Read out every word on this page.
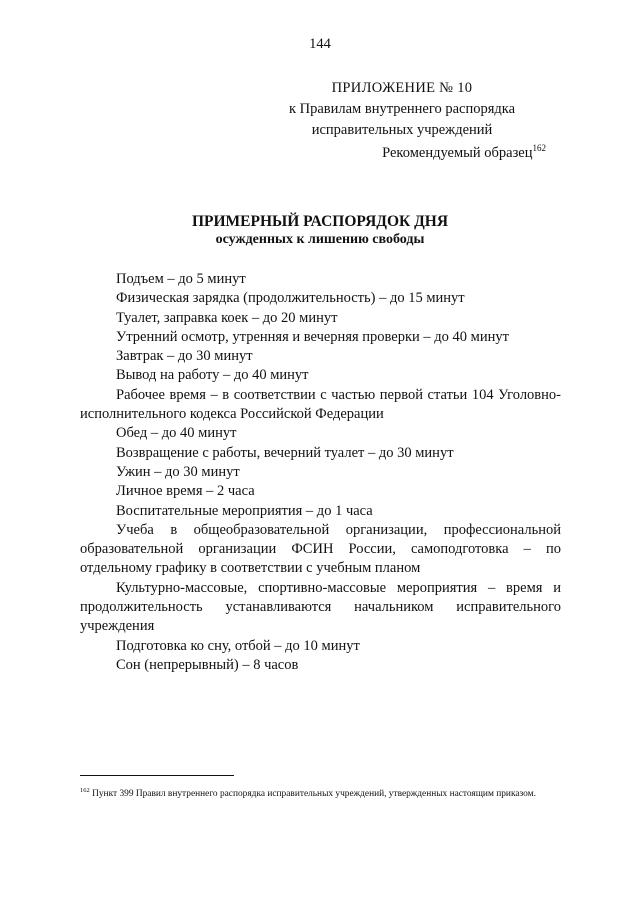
144
ПРИЛОЖЕНИЕ № 10
к Правилам внутреннего распорядка
исправительных учреждений
Рекомендуемый образец$^{162}$
ПРИМЕРНЫЙ РАСПОРЯДОК ДНЯ
осужденных к лишению свободы

Подъем – до 5 минут

Физическая зарядка (продолжительность) – до 15 минут

Туалет, заправка коек – до 20 минут

Утренний осмотр, утренняя и вечерняя проверки – до 40 минут

Завтрак – до 30 минут

Вывод на работу – до 40 минут

Рабочее время – в соответствии с частью первой статьи 104 Уголовно-исполнительного кодекса Российской Федерации

Обед – до 40 минут

Возвращение с работы, вечерний туалет – до 30 минут

Ужин – до 30 минут

Личное время – 2 часа

Воспитательные мероприятия – до 1 часа

Учеба в общеобразовательной организации, профессиональной образовательной организации ФСИН России, самоподготовка – по отдельному графику в соответствии с учебным планом

Культурно-массовые, спортивно-массовые мероприятия – время и продолжительность устанавливаются начальником исправительного учреждения

Подготовка ко сну, отбой – до 10 минут

Сон (непрерывный) – 8 часов

$^{162}$ Пункт 399 Правил внутреннего распорядка исправительных учреждений, утвержденных настоящим приказом.
